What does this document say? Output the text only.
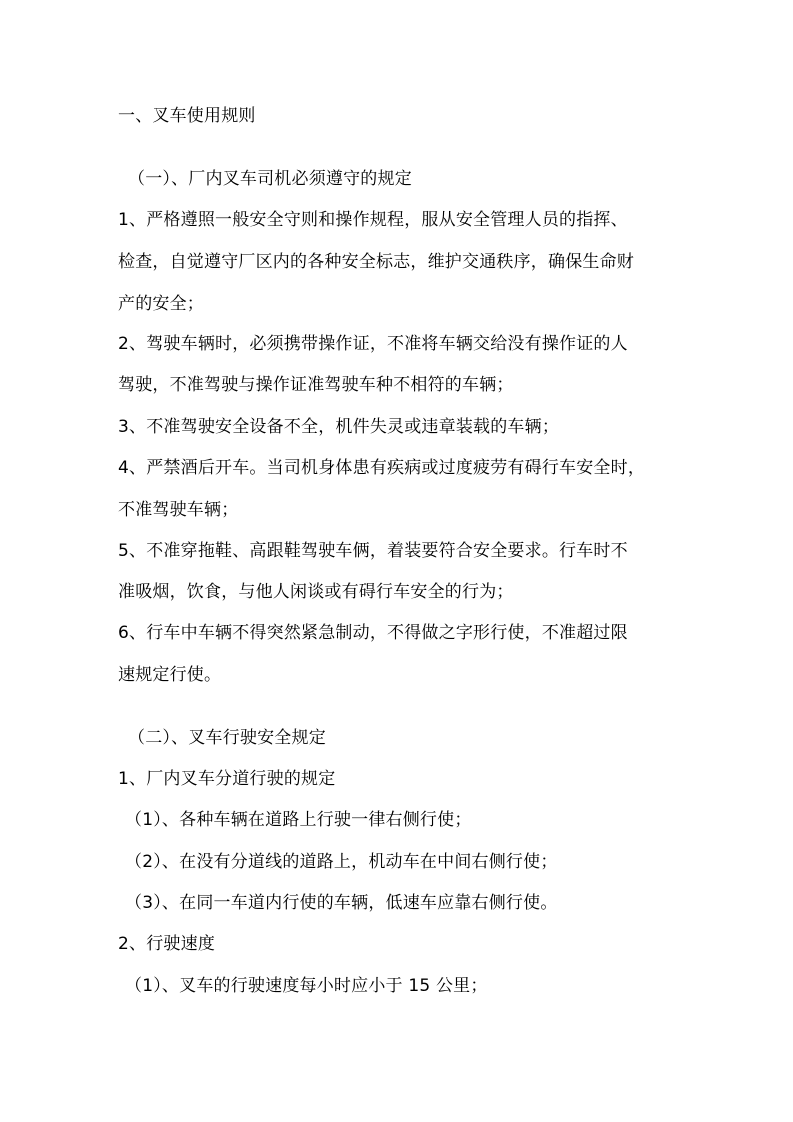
一、叉车使用规则
（一）、厂内叉车司机必须遵守的规定
1、严格遵照一般安全守则和操作规程，服从安全管理人员的指挥、
检查，自觉遵守厂区内的各种安全标志，维护交通秩序，确保生命财
产的安全；
2、驾驶车辆时，必须携带操作证，不准将车辆交给没有操作证的人
驾驶，不准驾驶与操作证准驾驶车种不相符的车辆；
3、不准驾驶安全设备不全，机件失灵或违章装载的车辆；
4、严禁酒后开车。当司机身体患有疾病或过度疲劳有碍行车安全时，
不准驾驶车辆；
5、不准穿拖鞋、高跟鞋驾驶车俩，着装要符合安全要求。行车时不
准吸烟，饮食，与他人闲谈或有碍行车安全的行为；
6、行车中车辆不得突然紧急制动，不得做之字形行使，不准超过限
速规定行使。
（二）、叉车行驶安全规定
1、厂内叉车分道行驶的规定
（1）、各种车辆在道路上行驶一律右侧行使；
（2）、在没有分道线的道路上，机动车在中间右侧行使；
（3）、在同一车道内行使的车辆，低速车应靠右侧行使。
2、行驶速度
（1）、叉车的行驶速度每小时应小于 15 公里；
